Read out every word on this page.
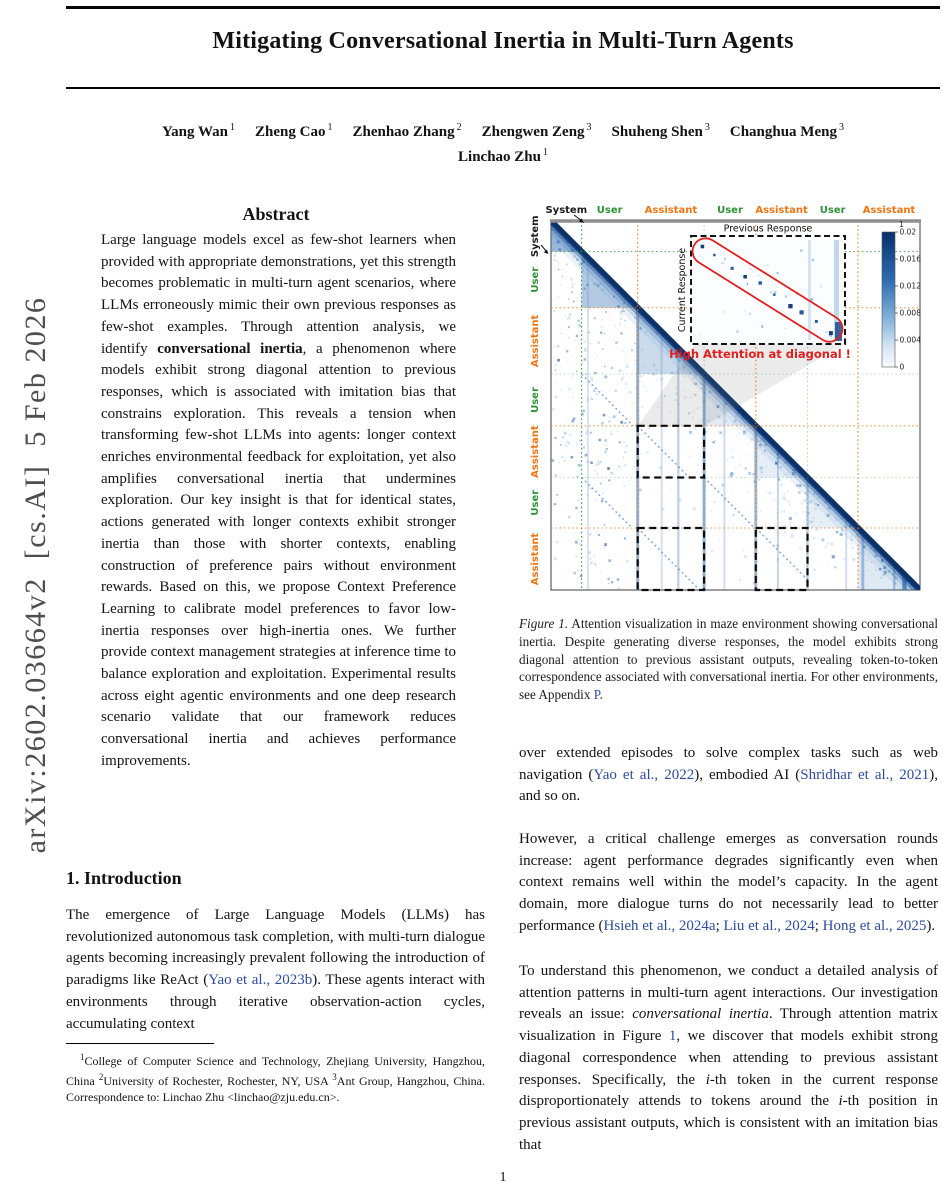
arXiv:2602.03664v2  [cs.AI]  5 Feb 2026
Mitigating Conversational Inertia in Multi-Turn Agents
Yang Wan $^1$ Zheng Cao $^1$ Zhenhao Zhang $^2$ Zhengwen Zeng $^3$ Shuheng Shen $^3$ Changhua Meng $^3$
Linchao Zhu $^1$
Abstract
Large language models excel as few-shot learners when provided with appropriate demonstrations, yet this strength becomes problematic in multi-turn agent scenarios, where LLMs erroneously mimic their own previous responses as few-shot examples. Through attention analysis, we identify conversational inertia, a phenomenon where models exhibit strong diagonal attention to previous responses, which is associated with imitation bias that constrains exploration. This reveals a tension when transforming few-shot LLMs into agents: longer context enriches environmental feedback for exploitation, yet also amplifies conversational inertia that undermines exploration. Our key insight is that for identical states, actions generated with longer contexts exhibit stronger inertia than those with shorter contexts, enabling construction of preference pairs without environment rewards. Based on this, we propose Context Preference Learning to calibrate model preferences to favor low-inertia responses over high-inertia ones. We further provide context management strategies at inference time to balance exploration and exploitation. Experimental results across eight agentic environments and one deep research scenario validate that our framework reduces conversational inertia and achieves performance improvements.
1. Introduction
The emergence of Large Language Models (LLMs) has revolutionized autonomous task completion, with multi-turn dialogue agents becoming increasingly prevalent following the introduction of paradigms like ReAct (Yao et al., 2023b). These agents interact with environments through iterative observation-action cycles, accumulating context
$^1$College of Computer Science and Technology, Zhejiang University, Hangzhou, China $^2$University of Rochester, Rochester, NY, USA $^3$Ant Group, Hangzhou, China. Correspondence to: Linchao Zhu <linchao@zju.edu.cn>.
Previous Response
Current Response
High Attention at diagonal !
1
0.02
0.016
0.012
0.008
0.004
0
System
System
User
User
Assistant
Assistant
User
User
Assistant
Assistant
User
User
Assistant
Assistant
Figure 1. Attention visualization in maze environment showing conversational inertia. Despite generating diverse responses, the model exhibits strong diagonal attention to previous assistant outputs, revealing token-to-token correspondence associated with conversational inertia. For other environments, see Appendix P.
over extended episodes to solve complex tasks such as web navigation (Yao et al., 2022), embodied AI (Shridhar et al., 2021), and so on.
However, a critical challenge emerges as conversation rounds increase: agent performance degrades significantly even when context remains well within the model’s capacity. In the agent domain, more dialogue turns do not necessarily lead to better performance (Hsieh et al., 2024a; Liu et al., 2024; Hong et al., 2025).
To understand this phenomenon, we conduct a detailed analysis of attention patterns in multi-turn agent interactions. Our investigation reveals an issue: conversational inertia. Through attention matrix visualization in Figure 1, we discover that models exhibit strong diagonal correspondence when attending to previous assistant responses. Specifically, the i-th token in the current response disproportionately attends to tokens around the i-th position in previous assistant outputs, which is consistent with an imitation bias that
1
